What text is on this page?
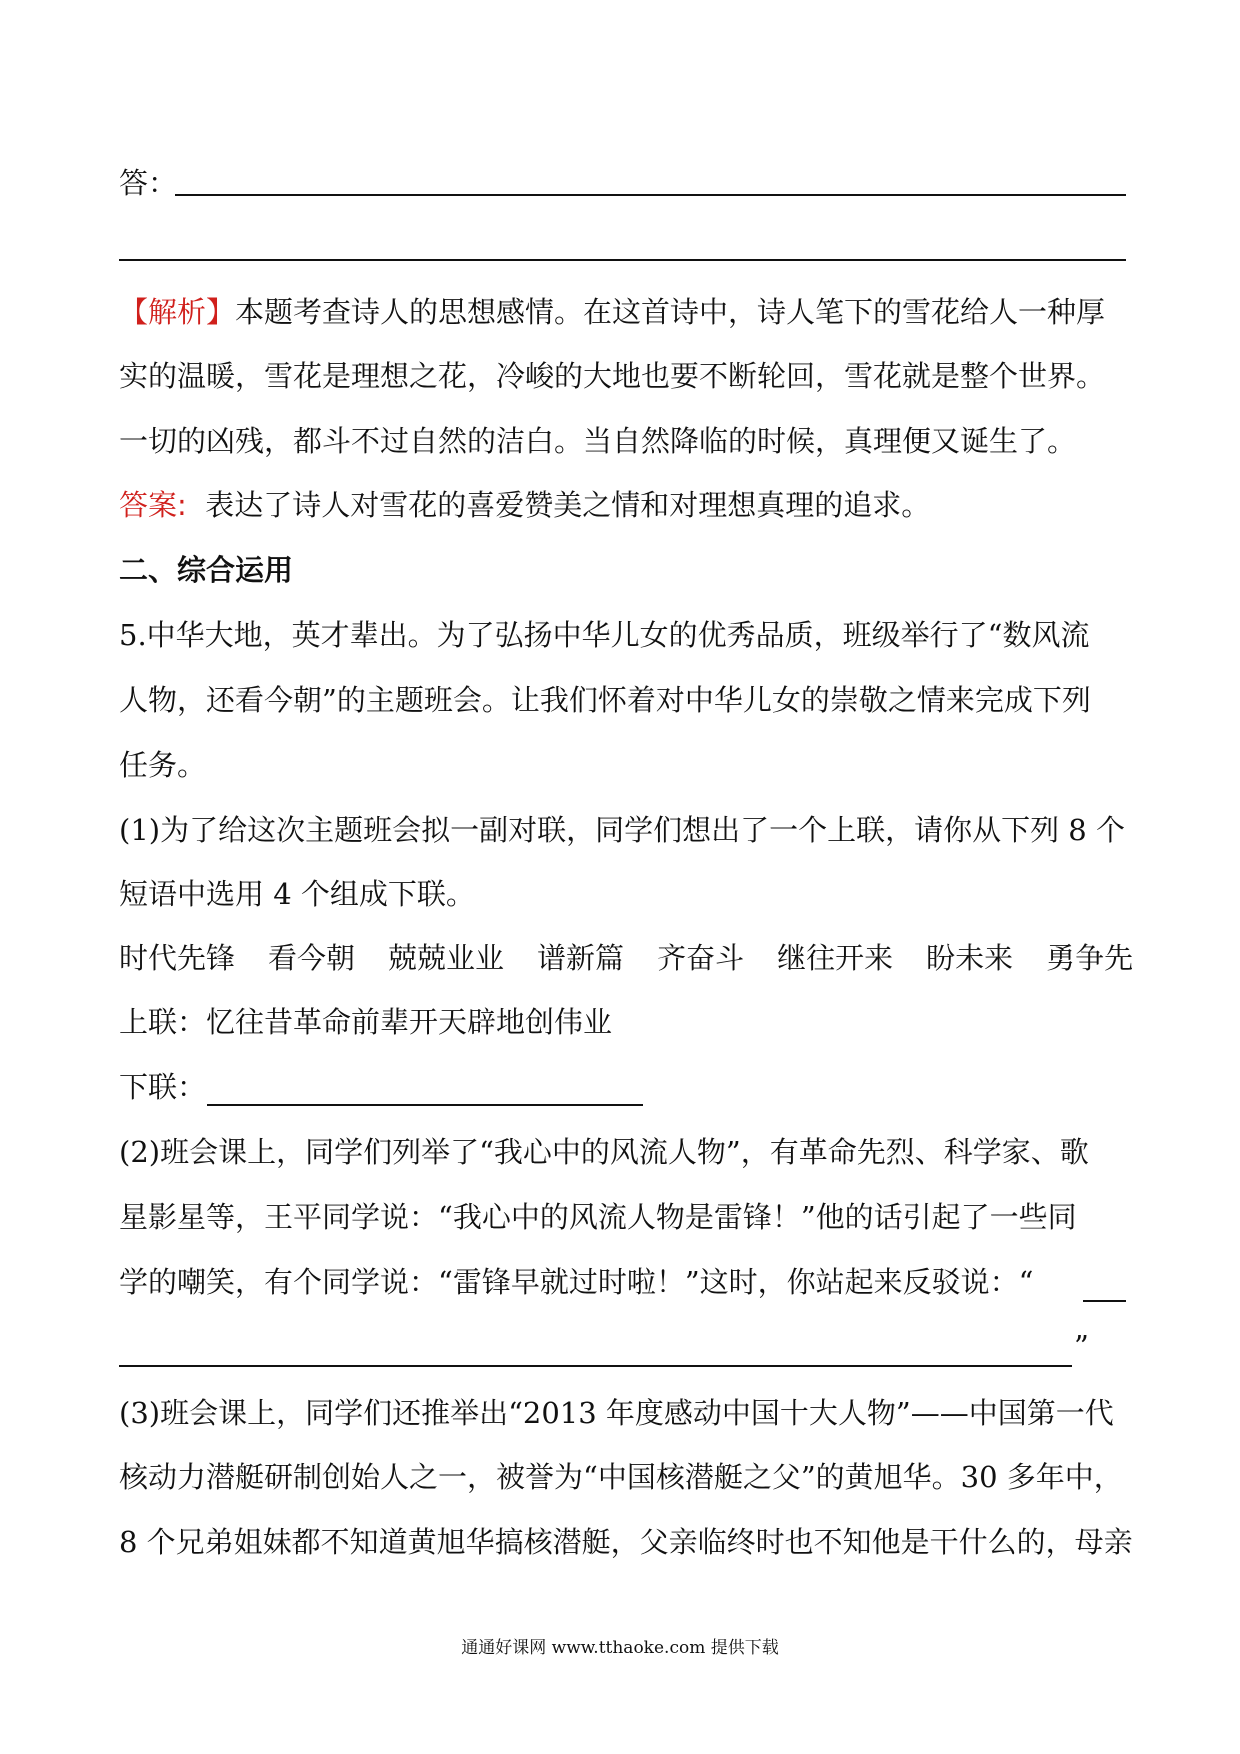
答：
【解析】本题考查诗人的思想感情。在这首诗中，诗人笔下的雪花给人一种厚
实的温暖，雪花是理想之花，冷峻的大地也要不断轮回，雪花就是整个世界。
一切的凶残，都斗不过自然的洁白。当自然降临的时候，真理便又诞生了。
答案: 表达了诗人对雪花的喜爱赞美之情和对理想真理的追求。
二、综合运用
5.中华大地，英才辈出。为了弘扬中华儿女的优秀品质，班级举行了“数风流
人物，还看今朝”的主题班会。让我们怀着对中华儿女的崇敬之情来完成下列
任务。
(1)为了给这次主题班会拟一副对联，同学们想出了一个上联，请你从下列 8 个
短语中选用 4 个组成下联。
时代先锋 看今朝 兢兢业业 谱新篇 齐奋斗 继往开来 盼未来 勇争先
上联：忆往昔革命前辈开天辟地创伟业
下联：
(2)班会课上，同学们列举了“我心中的风流人物”，有革命先烈、科学家、歌
星影星等，王平同学说：“我心中的风流人物是雷锋！”他的话引起了一些同
学的嘲笑，有个同学说：“雷锋早就过时啦！”这时，你站起来反驳说：“
”
(3)班会课上，同学们还推举出“2013 年度感动中国十大人物”——中国第一代
核动力潜艇研制创始人之一，被誉为“中国核潜艇之父”的黄旭华。30 多年中，
8 个兄弟姐妹都不知道黄旭华搞核潜艇，父亲临终时也不知他是干什么的，母亲
通通好课网 www.tthaoke.com 提供下载
